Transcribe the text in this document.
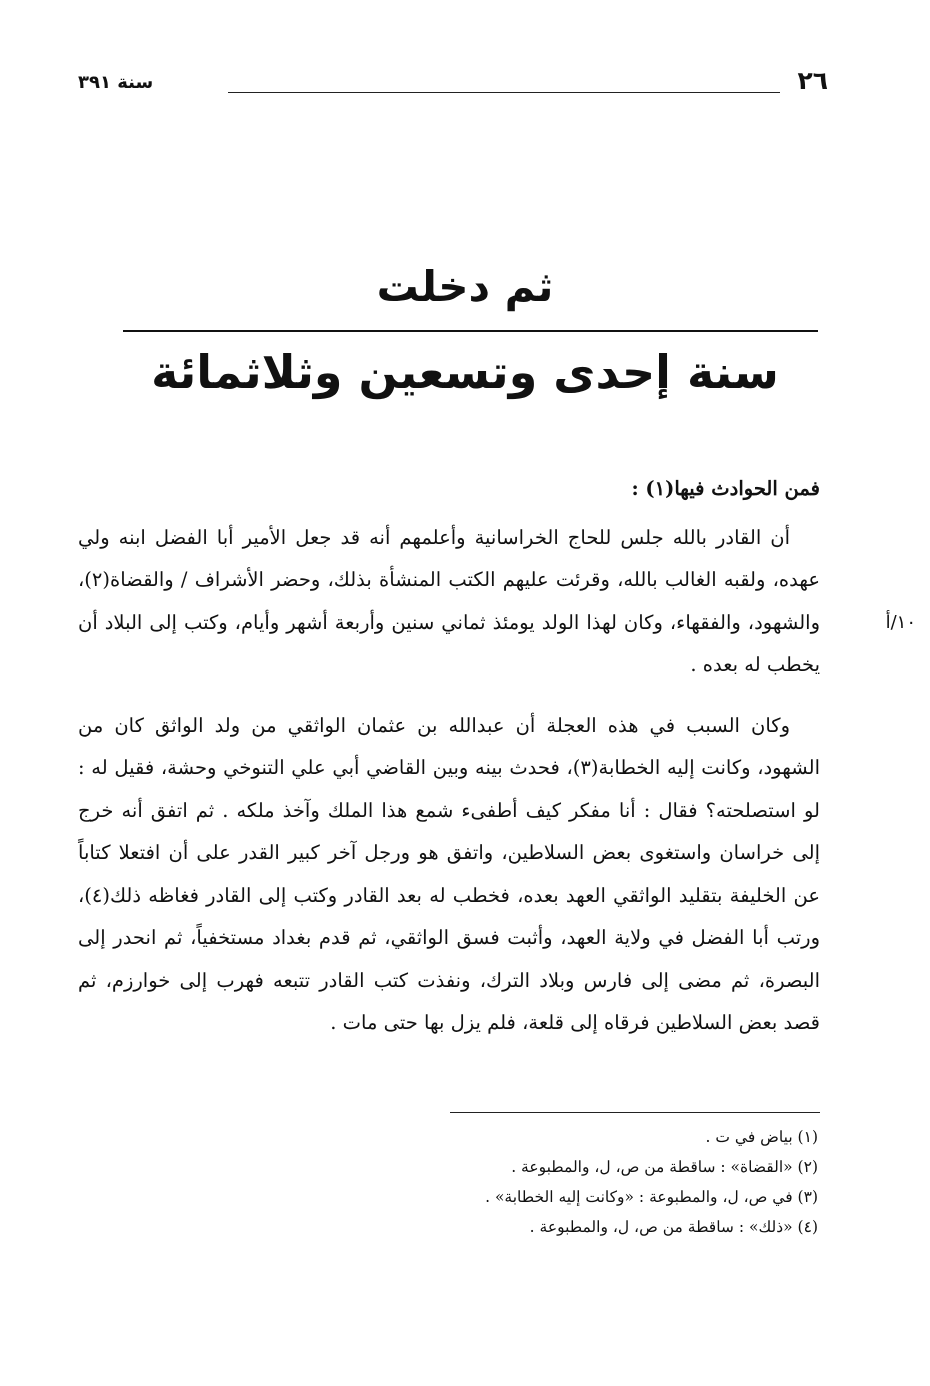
٢٦
سنة ٣٩١
ثم دخلت
سنة إحدى وتسعين وثلاثمائة
١٠/أ

فمن الحوادث فيها(١) :

أن القادر بالله جلس للحاج الخراسانية وأعلمهم أنه قد جعل الأمير أبا الفضل ابنه ولي عهده، ولقبه الغالب بالله، وقرئت عليهم الكتب المنشأة بذلك، وحضر الأشراف / والقضاة(٢)، والشهود، والفقهاء، وكان لهذا الولد يومئذ ثماني سنين وأربعة أشهر وأيام، وكتب إلى البلاد أن يخطب له بعده .

وكان السبب في هذه العجلة أن عبدالله بن عثمان الواثقي من ولد الواثق كان من الشهود، وكانت إليه الخطابة(٣)، فحدث بينه وبين القاضي أبي علي التنوخي وحشة، فقيل له : لو استصلحته؟ فقال : أنا مفكر كيف أطفىء شمع هذا الملك وآخذ ملكه . ثم اتفق أنه خرج إلى خراسان واستغوى بعض السلاطين، واتفق هو ورجل آخر كبير القدر على أن افتعلا كتاباً عن الخليفة بتقليد الواثقي العهد بعده، فخطب له بعد القادر وكتب إلى القادر فغاظه ذلك(٤)، ورتب أبا الفضل في ولاية العهد، وأثبت فسق الواثقي، ثم قدم بغداد مستخفياً، ثم انحدر إلى البصرة، ثم مضى إلى فارس وبلاد الترك، ونفذت كتب القادر تتبعه فهرب إلى خوارزم، ثم قصد بعض السلاطين فرقاه إلى قلعة، فلم يزل بها حتى مات .

(١) بياض في ت .

(٢) «القضاة» : ساقطة من ص، ل، والمطبوعة .

(٣) في ص، ل، والمطبوعة : «وكانت إليه الخطابة» .

(٤) «ذلك» : ساقطة من ص، ل، والمطبوعة .
